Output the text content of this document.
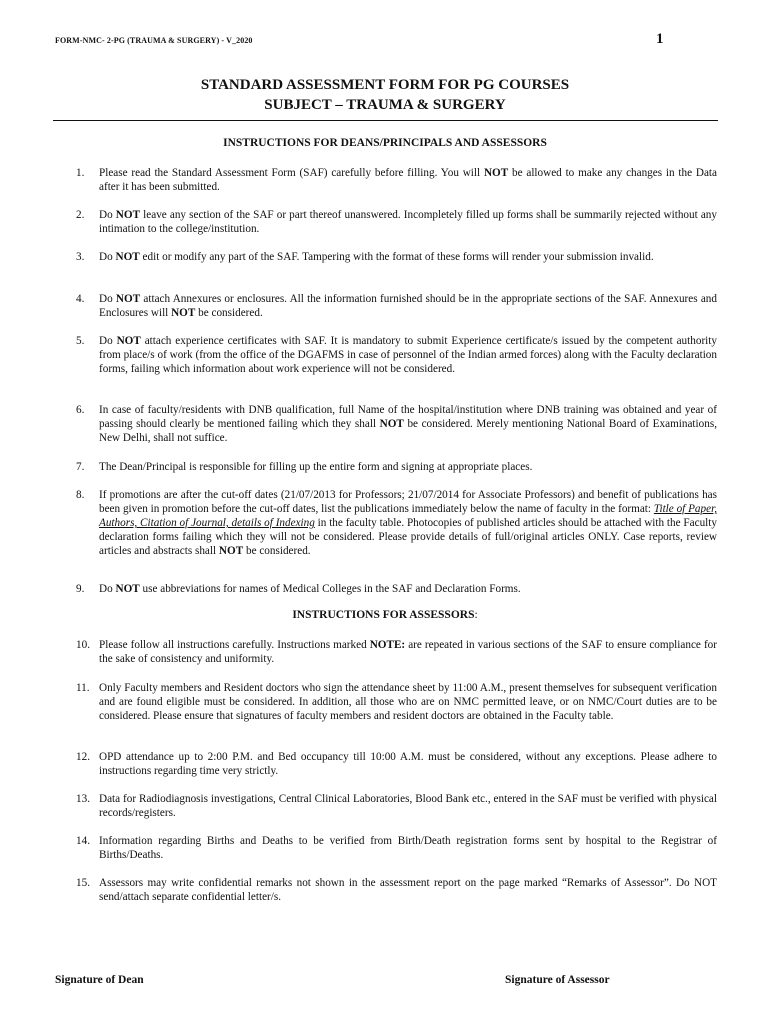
FORM-NMC- 2-PG (TRAUMA & SURGERY) - V_2020	1
STANDARD ASSESSMENT FORM FOR PG COURSES
SUBJECT – TRAUMA & SURGERY
INSTRUCTIONS FOR DEANS/PRINCIPALS AND ASSESSORS
1. Please read the Standard Assessment Form (SAF) carefully before filling. You will NOT be allowed to make any changes in the Data after it has been submitted.
2. Do NOT leave any section of the SAF or part thereof unanswered. Incompletely filled up forms shall be summarily rejected without any intimation to the college/institution.
3. Do NOT edit or modify any part of the SAF. Tampering with the format of these forms will render your submission invalid.
4. Do NOT attach Annexures or enclosures. All the information furnished should be in the appropriate sections of the SAF. Annexures and Enclosures will NOT be considered.
5. Do NOT attach experience certificates with SAF. It is mandatory to submit Experience certificate/s issued by the competent authority from place/s of work (from the office of the DGAFMS in case of personnel of the Indian armed forces) along with the Faculty declaration forms, failing which information about work experience will not be considered.
6. In case of faculty/residents with DNB qualification, full Name of the hospital/institution where DNB training was obtained and year of passing should clearly be mentioned failing which they shall NOT be considered. Merely mentioning National Board of Examinations, New Delhi, shall not suffice.
7. The Dean/Principal is responsible for filling up the entire form and signing at appropriate places.
8. If promotions are after the cut-off dates (21/07/2013 for Professors; 21/07/2014 for Associate Professors) and benefit of publications has been given in promotion before the cut-off dates, list the publications immediately below the name of faculty in the format: Title of Paper, Authors, Citation of Journal, details of Indexing in the faculty table. Photocopies of published articles should be attached with the Faculty declaration forms failing which they will not be considered. Please provide details of full/original articles ONLY. Case reports, review articles and abstracts shall NOT be considered.
9. Do NOT use abbreviations for names of Medical Colleges in the SAF and Declaration Forms.
INSTRUCTIONS FOR ASSESSORS:
10. Please follow all instructions carefully. Instructions marked NOTE: are repeated in various sections of the SAF to ensure compliance for the sake of consistency and uniformity.
11. Only Faculty members and Resident doctors who sign the attendance sheet by 11:00 A.M., present themselves for subsequent verification and are found eligible must be considered. In addition, all those who are on NMC permitted leave, or on NMC/Court duties are to be considered. Please ensure that signatures of faculty members and resident doctors are obtained in the Faculty table.
12. OPD attendance up to 2:00 P.M. and Bed occupancy till 10:00 A.M. must be considered, without any exceptions. Please adhere to instructions regarding time very strictly.
13. Data for Radiodiagnosis investigations, Central Clinical Laboratories, Blood Bank etc., entered in the SAF must be verified with physical records/registers.
14. Information regarding Births and Deaths to be verified from Birth/Death registration forms sent by hospital to the Registrar of Births/Deaths.
15. Assessors may write confidential remarks not shown in the assessment report on the page marked “Remarks of Assessor”. Do NOT send/attach separate confidential letter/s.
Signature of Dean	Signature of Assessor
